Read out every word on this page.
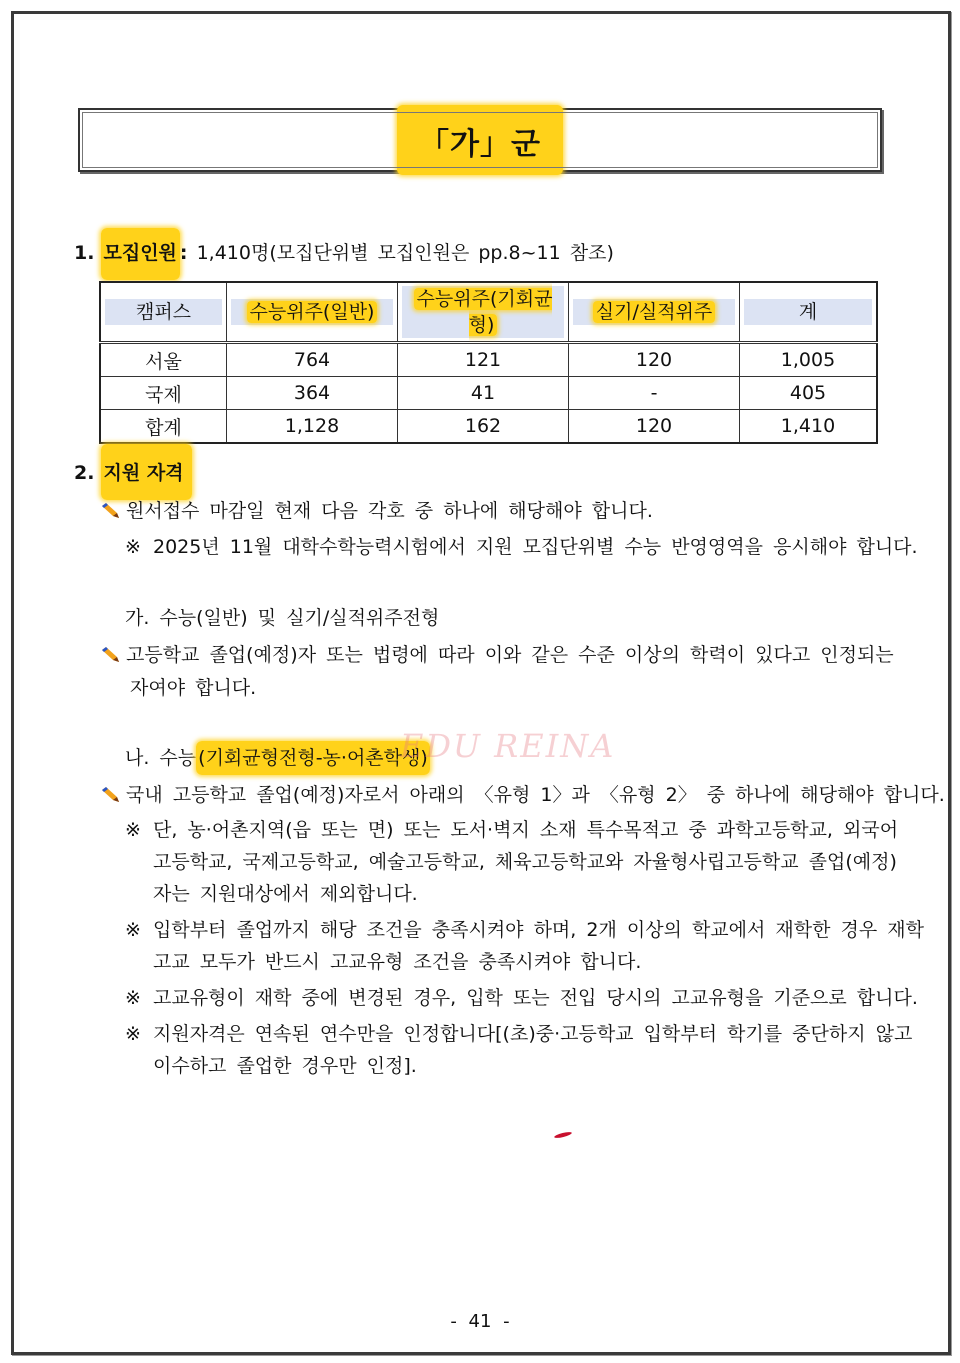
「가」군
1. 모집인원 : 1,410명(모집단위별 모집인원은 pp.8~11 참조)
캠퍼스	수능위주(일반)	수능위주(기회균형)	실기/실적위주	계

서울	764	121	120	1,005
국제	364	41	-	405
합계	1,128	162	120	1,410
2. 지원 자격
원서접수 마감일 현재 다음 각호 중 하나에 해당해야 합니다.
※ 2025년 11월 대학수학능력시험에서 지원 모집단위별 수능 반영영역을 응시해야 합니다.
가. 수능(일반) 및 실기/실적위주전형
고등학교 졸업(예정)자 또는 법령에 따라 이와 같은 수준 이상의 학력이 있다고 인정되는
자여야 합니다.
나. 수능 (기회균형전형-농·어촌학생)
EDU REINA
국내 고등학교 졸업(예정)자로서 아래의 〈유형 1〉과 〈유형 2〉 중 하나에 해당해야 합니다.
※ 단, 농·어촌지역(읍 또는 면) 또는 도서·벽지 소재 특수목적고 중 과학고등학교, 외국어
고등학교, 국제고등학교, 예술고등학교, 체육고등학교와 자율형사립고등학교 졸업(예정)
자는 지원대상에서 제외합니다.
※ 입학부터 졸업까지 해당 조건을 충족시켜야 하며, 2개 이상의 학교에서 재학한 경우 재학
고교 모두가 반드시 고교유형 조건을 충족시켜야 합니다.
※ 고교유형이 재학 중에 변경된 경우, 입학 또는 전입 당시의 고교유형을 기준으로 합니다.
※ 지원자격은 연속된 연수만을 인정합니다[(초)중·고등학교 입학부터 학기를 중단하지 않고
이수하고 졸업한 경우만 인정].
- 41 -
